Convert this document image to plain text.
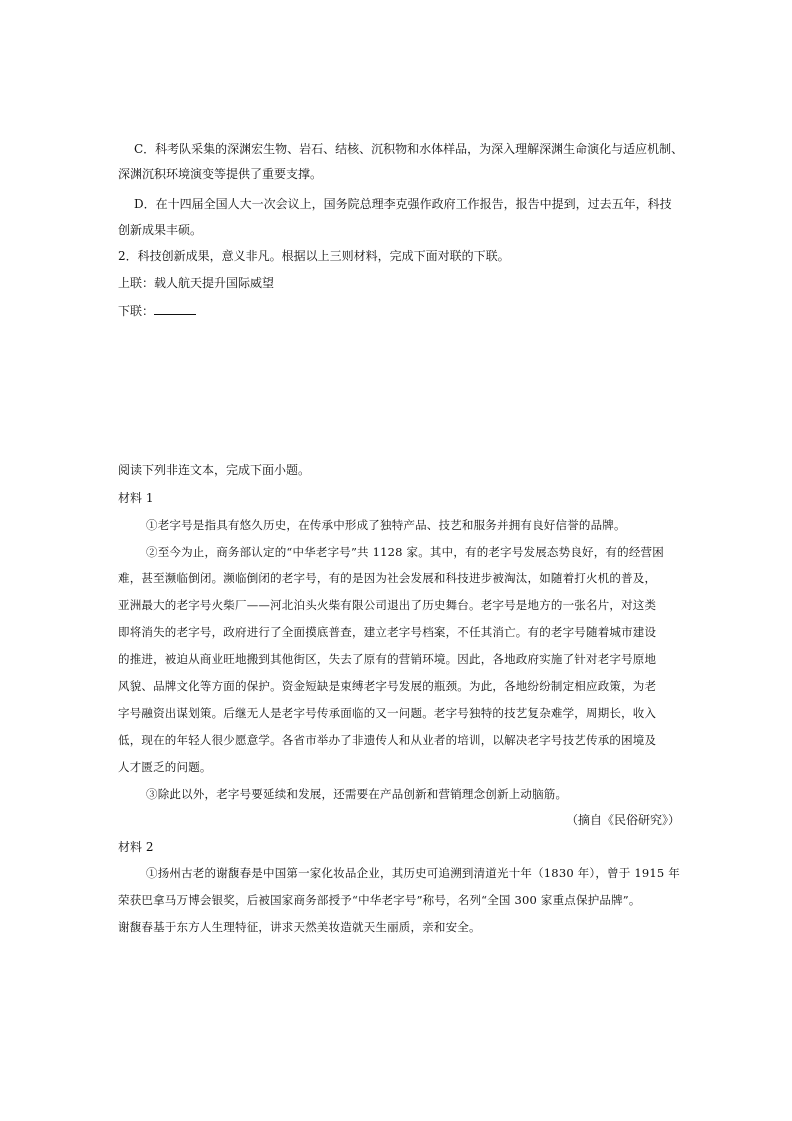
C．科考队采集的深渊宏生物、岩石、结核、沉积物和水体样品，为深入理解深渊生命演化与适应机制、
深渊沉积环境演变等提供了重要支撑。
D．在十四届全国人大一次会议上，国务院总理李克强作政府工作报告，报告中提到，过去五年，科技
创新成果丰硕。
2．科技创新成果，意义非凡。根据以上三则材料，完成下面对联的下联。
上联：载人航天提升国际威望
下联：
阅读下列非连文本，完成下面小题。
材料 1
①老字号是指具有悠久历史，在传承中形成了独特产品、技艺和服务并拥有良好信誉的品牌。
②至今为止，商务部认定的“中华老字号”共 1128 家。其中，有的老字号发展态势良好，有的经营困
难，甚至濒临倒闭。濒临倒闭的老字号，有的是因为社会发展和科技进步被淘汰，如随着打火机的普及，
亚洲最大的老字号火柴厂——河北泊头火柴有限公司退出了历史舞台。老字号是地方的一张名片，对这类
即将消失的老字号，政府进行了全面摸底普查，建立老字号档案，不任其消亡。有的老字号随着城市建设
的推进，被迫从商业旺地搬到其他街区，失去了原有的营销环境。因此，各地政府实施了针对老字号原地
风貌、品牌文化等方面的保护。资金短缺是束缚老字号发展的瓶颈。为此，各地纷纷制定相应政策，为老
字号融资出谋划策。后继无人是老字号传承面临的又一问题。老字号独特的技艺复杂难学，周期长，收入
低，现在的年轻人很少愿意学。各省市举办了非遗传人和从业者的培训，以解决老字号技艺传承的困境及
人才匮乏的问题。
③除此以外，老字号要延续和发展，还需要在产品创新和营销理念创新上动脑筋。
（摘自《民俗研究》）
材料 2
①扬州古老的谢馥春是中国第一家化妆品企业，其历史可追溯到清道光十年（1830 年），曾于 1915 年
荣获巴拿马万博会银奖，后被国家商务部授予“中华老字号”称号，名列“全国 300 家重点保护品牌”。
谢馥春基于东方人生理特征，讲求天然美妆造就天生丽质，亲和安全。
